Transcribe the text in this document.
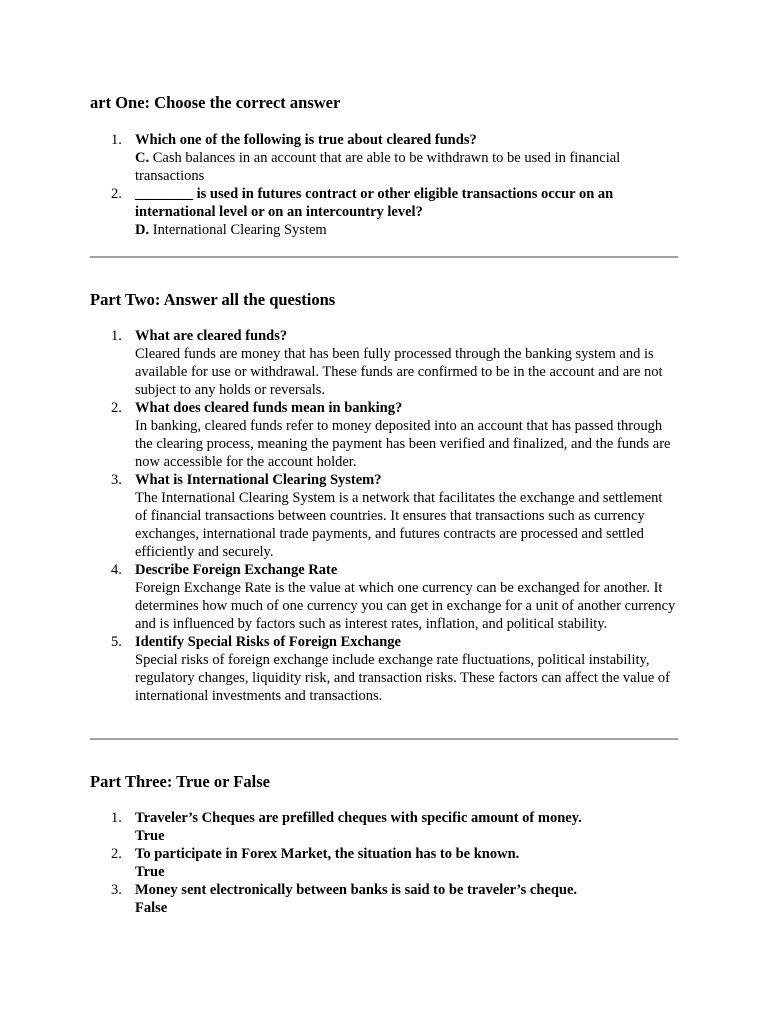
art One: Choose the correct answer
1. Which one of the following is true about cleared funds?
C. Cash balances in an account that are able to be withdrawn to be used in financial transactions
2. ________ is used in futures contract or other eligible transactions occur on an international level or on an intercountry level?
D. International Clearing System
Part Two: Answer all the questions
1. What are cleared funds?
Cleared funds are money that has been fully processed through the banking system and is available for use or withdrawal. These funds are confirmed to be in the account and are not subject to any holds or reversals.
2. What does cleared funds mean in banking?
In banking, cleared funds refer to money deposited into an account that has passed through the clearing process, meaning the payment has been verified and finalized, and the funds are now accessible for the account holder.
3. What is International Clearing System?
The International Clearing System is a network that facilitates the exchange and settlement of financial transactions between countries. It ensures that transactions such as currency exchanges, international trade payments, and futures contracts are processed and settled efficiently and securely.
4. Describe Foreign Exchange Rate
Foreign Exchange Rate is the value at which one currency can be exchanged for another. It determines how much of one currency you can get in exchange for a unit of another currency and is influenced by factors such as interest rates, inflation, and political stability.
5. Identify Special Risks of Foreign Exchange
Special risks of foreign exchange include exchange rate fluctuations, political instability, regulatory changes, liquidity risk, and transaction risks. These factors can affect the value of international investments and transactions.
Part Three: True or False
1. Traveler’s Cheques are prefilled cheques with specific amount of money.
True
2. To participate in Forex Market, the situation has to be known.
True
3. Money sent electronically between banks is said to be traveler’s cheque.
False
